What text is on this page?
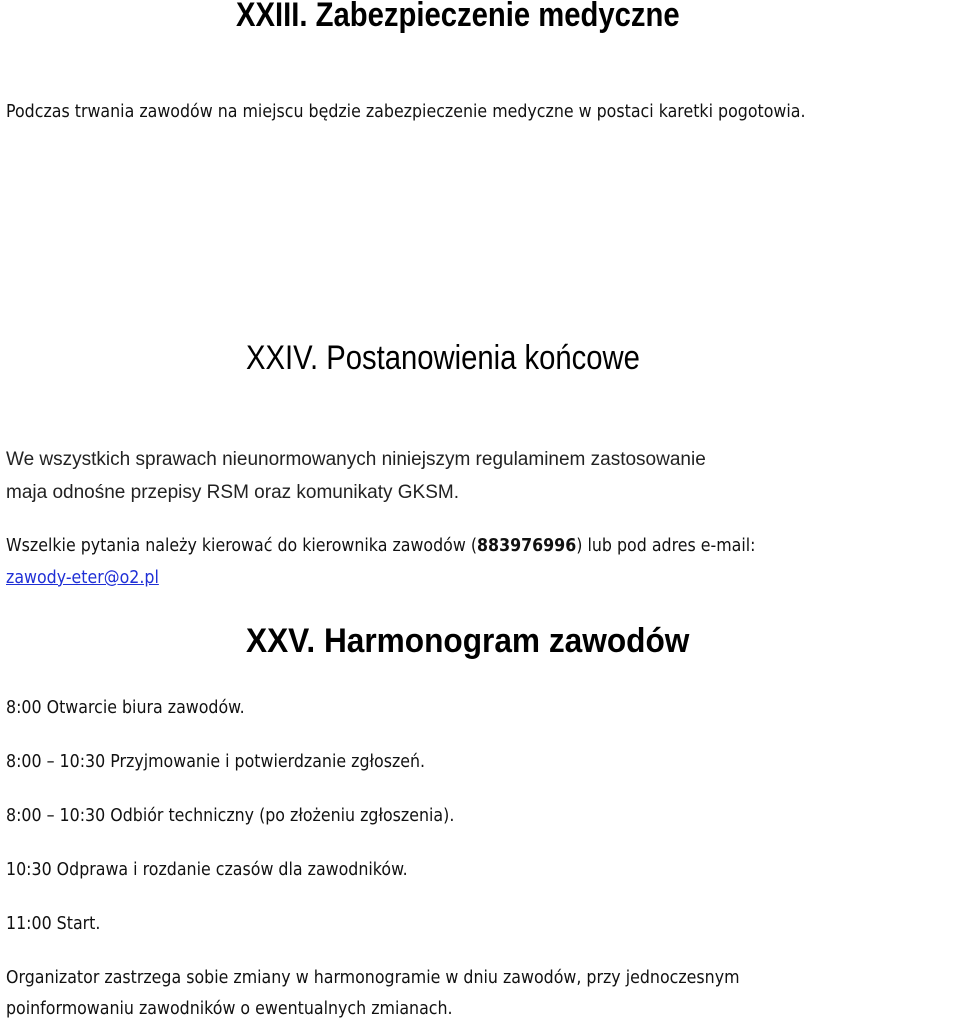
XXIII. Zabezpieczenie medyczne
Podczas trwania zawodów na miejscu będzie zabezpieczenie medyczne w postaci karetki pogotowia.
XXIV. Postanowienia końcowe
We wszystkich sprawach nieunormowanych niniejszym regulaminem zastosowanie
maja odnośne przepisy RSM oraz komunikaty GKSM.
Wszelkie pytania należy kierować do kierownika zawodów (883976996) lub pod adres e-mail:
zawody-eter@o2.pl
XXV. Harmonogram zawodów
8:00 Otwarcie biura zawodów.
8:00 – 10:30 Przyjmowanie i potwierdzanie zgłoszeń.
8:00 – 10:30 Odbiór techniczny (po złożeniu zgłoszenia).
10:30 Odprawa i rozdanie czasów dla zawodników.
11:00 Start.
Organizator zastrzega sobie zmiany w harmonogramie w dniu zawodów, przy jednoczesnym
poinformowaniu zawodników o ewentualnych zmianach.
